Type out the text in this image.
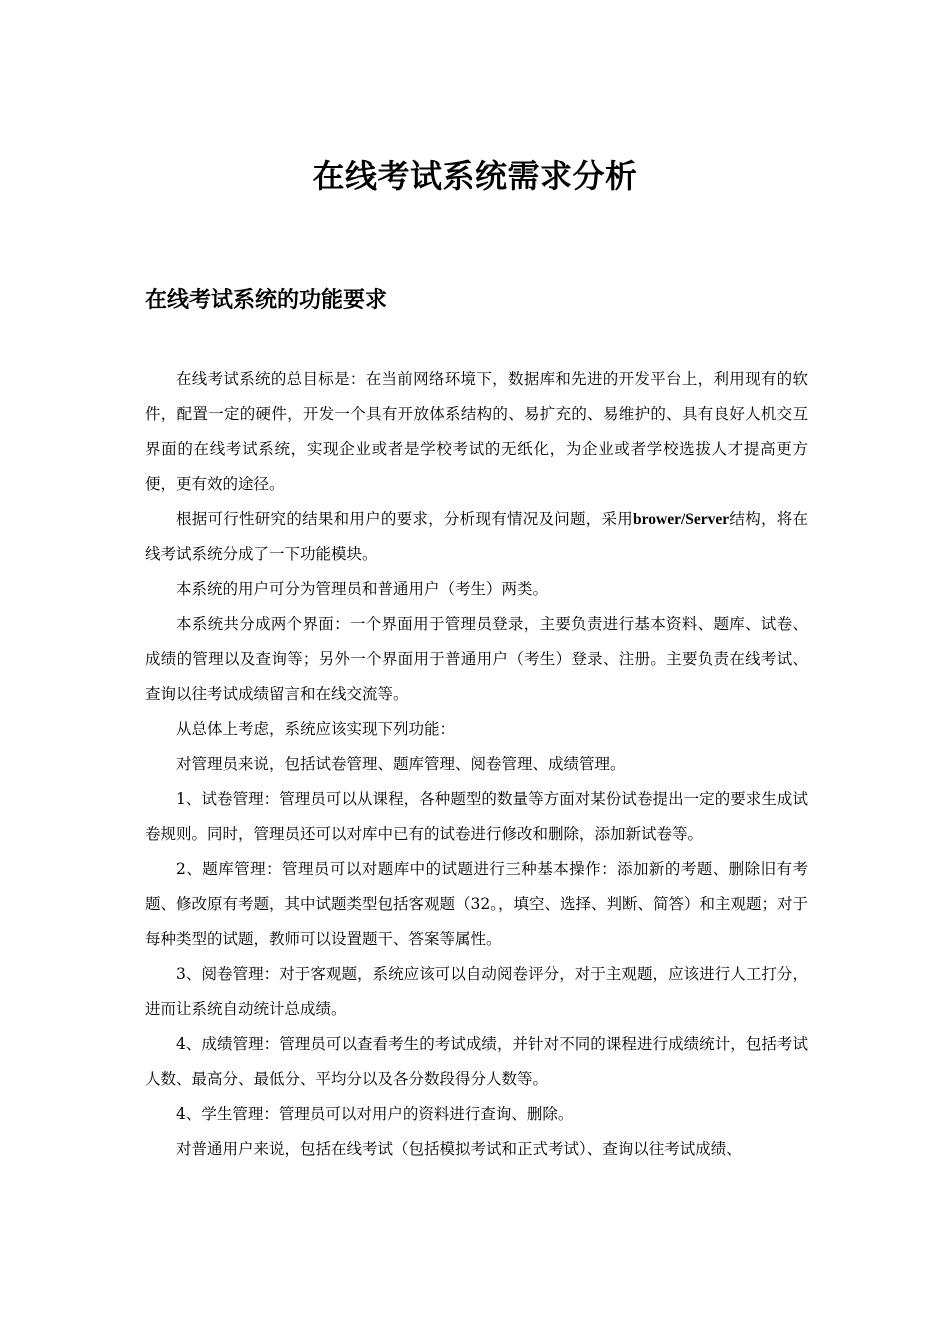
在线考试系统需求分析
在线考试系统的功能要求

在线考试系统的总目标是：在当前网络环境下，数据库和先进的开发平台上，利用现有的软件，配置一定的硬件，开发一个具有开放体系结构的、易扩充的、易维护的、具有良好人机交互界面的在线考试系统，实现企业或者是学校考试的无纸化，为企业或者学校选拔人才提高更方便，更有效的途径。

根据可行性研究的结果和用户的要求，分析现有情况及问题，采用brower/Server结构，将在线考试系统分成了一下功能模块。

本系统的用户可分为管理员和普通用户（考生）两类。

本系统共分成两个界面：一个界面用于管理员登录，主要负责进行基本资料、题库、试卷、成绩的管理以及查询等；另外一个界面用于普通用户（考生）登录、注册。主要负责在线考试、查询以往考试成绩留言和在线交流等。

从总体上考虑，系统应该实现下列功能：

对管理员来说，包括试卷管理、题库管理、阅卷管理、成绩管理。

1、试卷管理：管理员可以从课程，各种题型的数量等方面对某份试卷提出一定的要求生成试卷规则。同时，管理员还可以对库中已有的试卷进行修改和删除，添加新试卷等。

2、题库管理：管理员可以对题库中的试题进行三种基本操作：添加新的考题、删除旧有考题、修改原有考题，其中试题类型包括客观题（32。，填空、选择、判断、简答）和主观题；对于每种类型的试题，教师可以设置题干、答案等属性。

3、阅卷管理：对于客观题，系统应该可以自动阅卷评分，对于主观题，应该进行人工打分，进而让系统自动统计总成绩。

4、成绩管理：管理员可以查看考生的考试成绩，并针对不同的课程进行成绩统计，包括考试人数、最高分、最低分、平均分以及各分数段得分人数等。

4、学生管理：管理员可以对用户的资料进行查询、删除。

对普通用户来说，包括在线考试（包括模拟考试和正式考试）、查询以往考试成绩、
